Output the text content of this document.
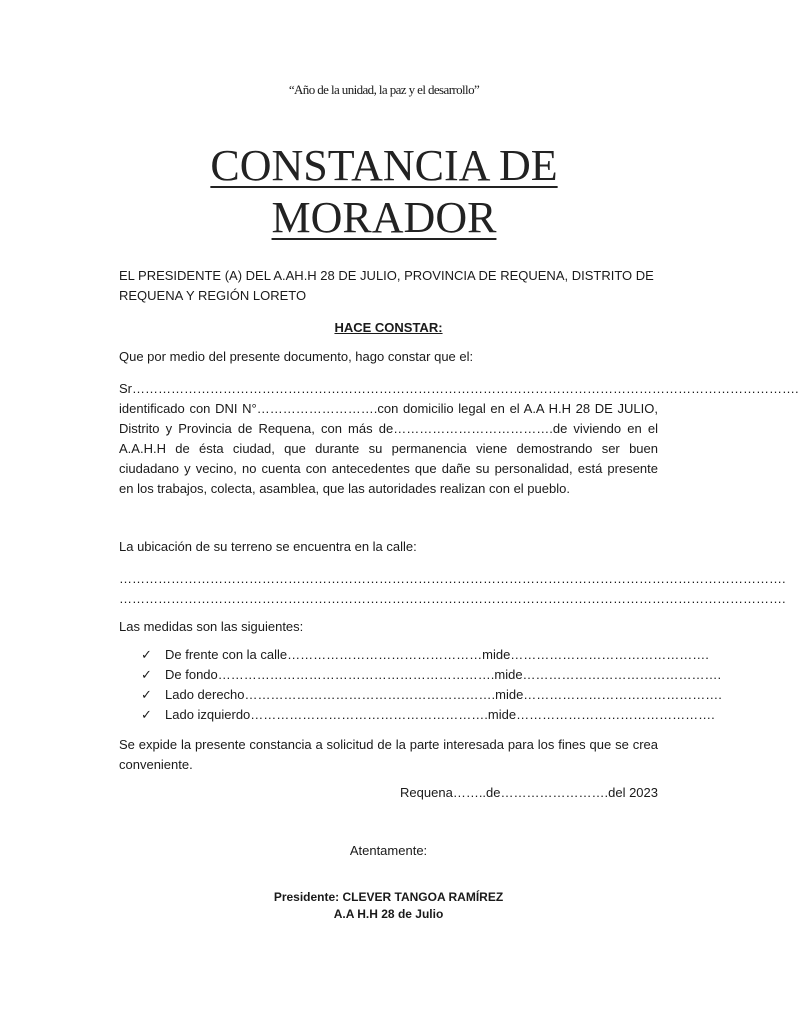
“Año de la unidad, la paz y el desarrollo”
CONSTANCIA DE
MORADOR

EL PRESIDENTE (A) DEL A.AH.H 28 DE JULIO, PROVINCIA DE REQUENA, DISTRITO DE REQUENA Y REGIÓN LORETO

HACE CONSTAR:

Que por medio del presente documento, hago constar que el:

Sr……………………………………………………………………………………………………………………………………….

identificado con DNI N°……………………….con domicilio legal en el A.A H.H 28 DE JULIO, Distrito y Provincia de Requena, con más de……………………………….de viviendo en el A.A.H.H de ésta ciudad, que durante su permanencia viene demostrando ser buen ciudadano y vecino, no cuenta con antecedentes que dañe su personalidad, está presente en los trabajos, colecta, asamblea, que las autoridades realizan con el pueblo.

La ubicación de su terreno se encuentra en la calle:

……………………………………………………………………………………………………………………………………….

……………………………………………………………………………………………………………………………………….

Las medidas son las siguientes:

✓	De frente con la calle………………………………………mide……………………………………….
✓	De fondo……………………………………………………….mide……………………………………….
✓	Lado derecho………………………………………………….mide……………………………………….
✓	Lado izquierdo……………………………………………….mide……………………………………….

Se expide la presente constancia a solicitud de la parte interesada para los fines que se crea conveniente.

Requena……..de…………………….del 2023

Atentamente:

Presidente: CLEVER TANGOA RAMÍREZ
A.A H.H 28 de Julio
